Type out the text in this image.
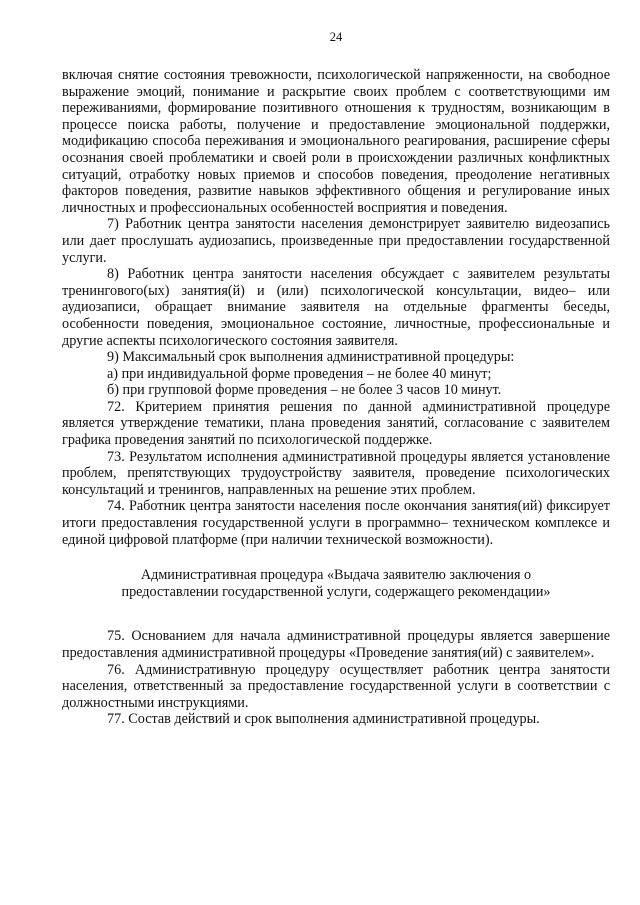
24

включая снятие состояния тревожности, психологической напряженности, на свободное выражение эмоций, понимание и раскрытие своих проблем с соответствующими им переживаниями, формирование позитивного отношения к трудностям, возникающим в процессе поиска работы, получение и предоставление эмоциональной поддержки, модификацию способа переживания и эмоционального реагирования, расширение сферы осознания своей проблематики и своей роли в происхождении различных конфликтных ситуаций, отработку новых приемов и способов поведения, преодоление негативных факторов поведения, развитие навыков эффективного общения и регулирование иных личностных и профессиональных особенностей восприятия и поведения.

7) Работник центра занятости населения демонстрирует заявителю видеозапись или дает прослушать аудиозапись, произведенные при предоставлении государственной услуги.

8) Работник центра занятости населения обсуждает с заявителем результаты тренингового(ых) занятия(й) и (или) психологической консультации, видео– или аудиозаписи, обращает внимание заявителя на отдельные фрагменты беседы, особенности поведения, эмоциональное состояние, личностные, профессиональные и другие аспекты психологического состояния заявителя.

9) Максимальный срок выполнения административной процедуры:

а) при индивидуальной форме проведения – не более 40 минут;

б) при групповой форме проведения – не более 3 часов 10 минут.

72. Критерием принятия решения по данной административной процедуре является утверждение тематики, плана проведения занятий, согласование с заявителем графика проведения занятий по психологической поддержке.

73. Результатом исполнения административной процедуры является установление проблем, препятствующих трудоустройству заявителя, проведение психологических консультаций и тренингов, направленных на решение этих проблем.

74. Работник центра занятости населения после окончания занятия(ий) фиксирует итоги предоставления государственной услуги в программно– техническом комплексе и единой цифровой платформе (при наличии технической возможности).

Административная процедура «Выдача заявителю заключения о
предоставлении государственной услуги, содержащего рекомендации»

75. Основанием для начала административной процедуры является завершение предоставления административной процедуры «Проведение занятия(ий) с заявителем».

76. Административную процедуру осуществляет работник центра занятости населения, ответственный за предоставление государственной услуги в соответствии с должностными инструкциями.

77. Состав действий и срок выполнения административной процедуры.
